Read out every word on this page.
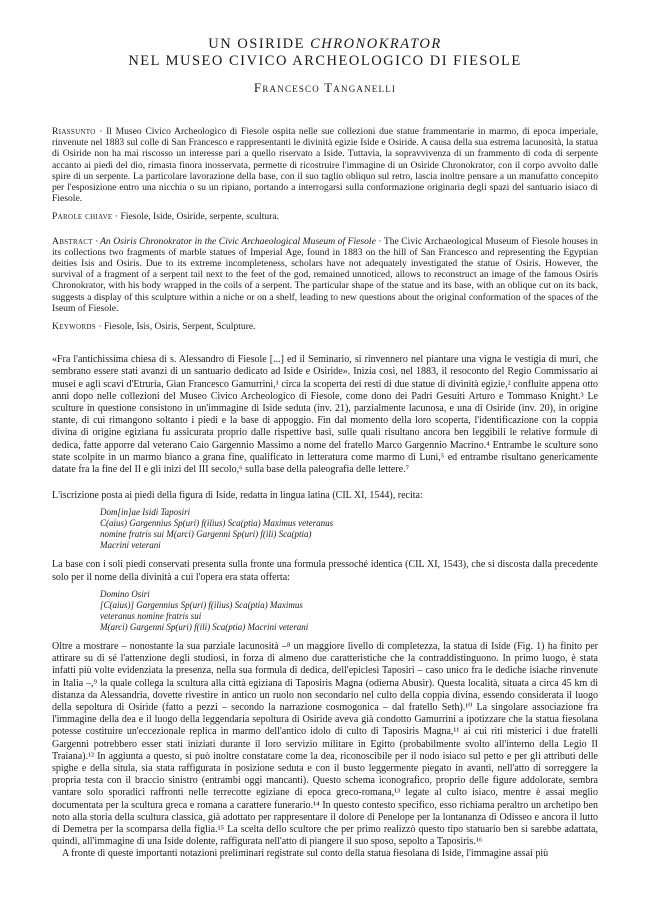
UN OSIRIDE CHRONOKRATOR
NEL MUSEO CIVICO ARCHEOLOGICO DI FIESOLE
Francesco Tanganelli

Riassunto · Il Museo Civico Archeologico di Fiesole ospita nelle sue collezioni due statue frammentarie in marmo, di epoca imperiale, rinvenute nel 1883 sul colle di San Francesco e rappresentanti le divinità egizie Iside e Osiride. A causa della sua estrema lacunosità, la statua di Osiride non ha mai riscosso un interesse pari a quello riservato a Iside. Tuttavia, la sopravvivenza di un frammento di coda di serpente accanto ai piedi del dio, rimasta finora inosservata, permette di ricostruire l'immagine di un Osiride Chronokrator, con il corpo avvolto dalle spire di un serpente. La particolare lavorazione della base, con il suo taglio obliquo sul retro, lascia inoltre pensare a un manufatto concepito per l'esposizione entro una nicchia o su un ripiano, portando a interrogarsi sulla conformazione originaria degli spazi del santuario isiaco di Fiesole.

Parole chiave · Fiesole, Iside, Osiride, serpente, scultura.

Abstract · An Osiris Chronokrator in the Civic Archaeological Museum of Fiesole · The Civic Archaeological Museum of Fiesole houses in its collections two fragments of marble statues of Imperial Age, found in 1883 on the hill of San Francesco and representing the Egyptian deities Isis and Osiris. Due to its extreme incompleteness, scholars have not adequately investigated the statue of Osiris. However, the survival of a fragment of a serpent tail next to the feet of the god, remained unnoticed, allows to reconstruct an image of the famous Osiris Chronokrator, with his body wrapped in the coils of a serpent. The particular shape of the statue and its base, with an oblique cut on its back, suggests a display of this sculpture within a niche or on a shelf, leading to new questions about the original conformation of the spaces of the Iseum of Fiesole.

Keywords · Fiesole, Isis, Osiris, Serpent, Sculpture.

«Fra l'antichissima chiesa di s. Alessandro di Fiesole [...] ed il Seminario, si rinvennero nel piantare una vigna le vestigia di muri, che sembrano essere stati avanzi di un santuario dedicato ad Iside e Osiride». Inizia così, nel 1883, il resoconto del Regio Commissario ai musei e agli scavi d'Etruria, Gian Francesco Gamurrini,¹ circa la scoperta dei resti di due statue di divinità egizie,² confluite appena otto anni dopo nelle collezioni del Museo Civico Archeologico di Fiesole, come dono dei Padri Gesuiti Arturo e Tommaso Knight.³ Le sculture in questione consistono in un'immagine di Iside seduta (inv. 21), parzialmente lacunosa, e una di Osiride (inv. 20), in origine stante, di cui rimangono soltanto i piedi e la base di appoggio. Fin dal momento della loro scoperta, l'identificazione con la coppia divina di origine egiziana fu assicurata proprio dalle rispettive basi, sulle quali risultano ancora ben leggibili le relative formule di dedica, fatte apporre dal veterano Caio Gargennio Massimo a nome del fratello Marco Gargennio Macrino.⁴ Entrambe le sculture sono state scolpite in un marmo bianco a grana fine, qualificato in letteratura come marmo di Luni,⁵ ed entrambe risultano genericamente datate fra la fine del II e gli inizi del III secolo,⁶ sulla base della paleografia delle lettere.⁷

L'iscrizione posta ai piedi della figura di Iside, redatta in lingua latina (CIL XI, 1544), recita:

Dom[in]ae Isidi Taposiri
C(aius) Gargennius Sp(uri) f(ilius) Sca(ptia) Maximus veteranus
nomine fratris sui M(arci) Gargenni Sp(uri) f(ili) Sca(ptia)
Macrini veterani

La base con i soli piedi conservati presenta sulla fronte una formula pressoché identica (CIL XI, 1543), che si discosta dalla precedente solo per il nome della divinità a cui l'opera era stata offerta:

Domino Osiri
[C(aius)] Gargennius Sp(uri) f(ilius) Sca(ptia) Maximus
veteranus nomine fratris sui
M(arci) Gargenni Sp(uri) f(ili) Sca(ptia) Macrini veterani

Oltre a mostrare – nonostante la sua parziale lacunosità –⁸ un maggiore livello di completezza, la statua di Iside (Fig. 1) ha finito per attirare su di sé l'attenzione degli studiosi, in forza di almeno due caratteristiche che la contraddistinguono. In primo luogo, è stata infatti più volte evidenziata la presenza, nella sua formula di dedica, dell'epiclesi Taposiri – caso unico fra le dediche isiache rinvenute in Italia –,⁹ la quale collega la scultura alla città egiziana di Taposiris Magna (odierna Abusir). Questa località, situata a circa 45 km di distanza da Alessandria, dovette rivestire in antico un ruolo non secondario nel culto della coppia divina, essendo considerata il luogo della sepoltura di Osiride (fatto a pezzi – secondo la narrazione cosmogonica – dal fratello Seth).¹⁰ La singolare associazione fra l'immagine della dea e il luogo della leggendaria sepoltura di Osiride aveva già condotto Gamurrini a ipotizzare che la statua fiesolana potesse costituire un'eccezionale replica in marmo dell'antico idolo di culto di Taposiris Magna,¹¹ ai cui riti misterici i due fratelli Gargenni potrebbero esser stati iniziati durante il loro servizio militare in Egitto (probabilmente svolto all'interno della Legio II Traiana).¹² In aggiunta a questo, si può inoltre constatare come la dea, riconoscibile per il nodo isiaco sul petto e per gli attributi delle spighe e della situla, sia stata raffigurata in posizione seduta e con il busto leggermente piegato in avanti, nell'atto di sorreggere la propria testa con il braccio sinistro (entrambi oggi mancanti). Questo schema iconografico, proprio delle figure addolorate, sembra vantare solo sporadici raffronti nelle terrecotte egiziane di epoca greco-romana,¹³ legate al culto isiaco, mentre è assai meglio documentata per la scultura greca e romana a carattere funerario.¹⁴ In questo contesto specifico, esso richiama peraltro un archetipo ben noto alla storia della scultura classica, già adottato per rappresentare il dolore di Penelope per la lontananza di Odisseo e ancora il lutto di Demetra per la scomparsa della figlia.¹⁵ La scelta dello scultore che per primo realizzò questo tipo statuario ben si sarebbe adattata, quindi, all'immagine di una Iside dolente, raffigurata nell'atto di piangere il suo sposo, sepolto a Taposiris.¹⁶

A fronte di queste importanti notazioni preliminari registrate sul conto della statua fiesolana di Iside, l'immagine assai più
